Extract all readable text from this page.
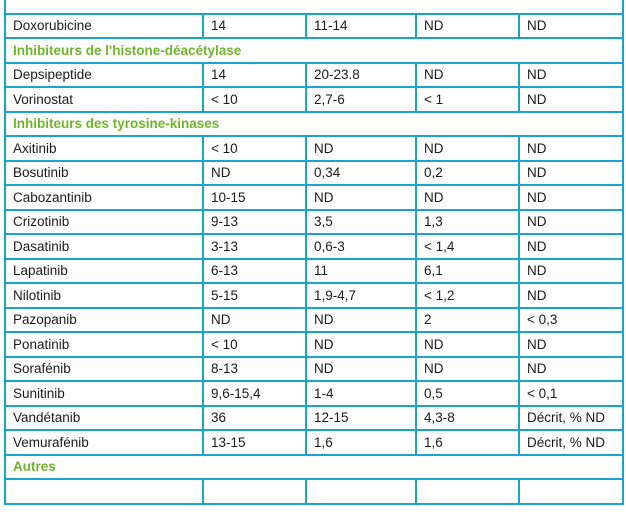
Doxorubicine	14	11-14	ND	ND
Inhibiteurs de l'histone-déacétylase				
Depsipeptide	14	20-23.8	ND	ND
Vorinostat	< 10	2,7-6	< 1	ND
Inhibiteurs des tyrosine-kinases				
Axitinib	< 10	ND	ND	ND
Bosutinib	ND	0,34	0,2	ND
Cabozantinib	10-15	ND	ND	ND
Crizotinib	9-13	3,5	1,3	ND
Dasatinib	3-13	0,6-3	< 1,4	ND
Lapatinib	6-13	11	6,1	ND
Nilotinib	5-15	1,9-4,7	< 1,2	ND
Pazopanib	ND	ND	2	< 0,3
Ponatinib	< 10	ND	ND	ND
Sorafénib	8-13	ND	ND	ND
Sunitinib	9,6-15,4	1-4	0,5	< 0,1
Vandétanib	36	12-15	4,3-8	Décrit, % ND
Vemurafénib	13-15	1,6	1,6	Décrit, % ND
Autres				
